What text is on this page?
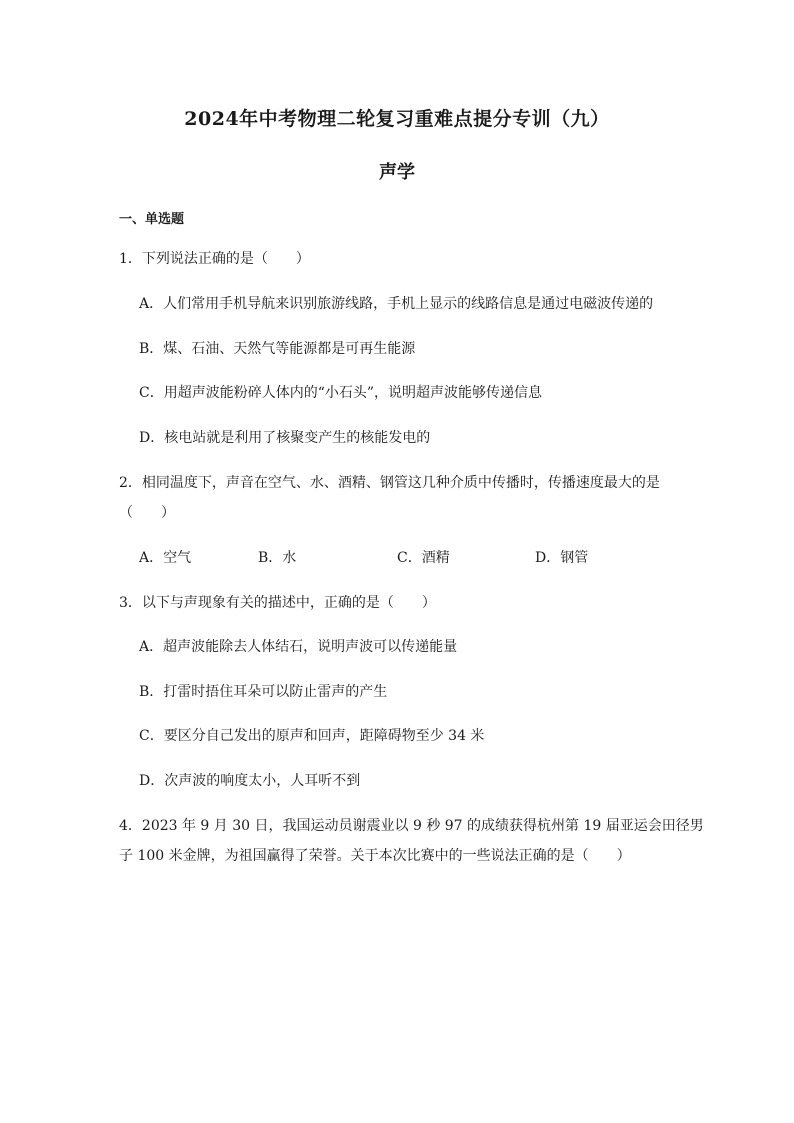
2024年中考物理二轮复习重难点提分专训（九）
声学
一、单选题
1．下列说法正确的是（　　）
A．人们常用手机导航来识别旅游线路，手机上显示的线路信息是通过电磁波传递的
B．煤、石油、天然气等能源都是可再生能源
C．用超声波能粉碎人体内的“小石头”，说明超声波能够传递信息
D．核电站就是利用了核聚变产生的核能发电的
2．相同温度下，声音在空气、水、酒精、钢管这几种介质中传播时，传播速度最大的是
（　　）
A．空气	B．水	C．酒精	D．钢管
3．以下与声现象有关的描述中，正确的是（　　）
A．超声波能除去人体结石，说明声波可以传递能量
B．打雷时捂住耳朵可以防止雷声的产生
C．要区分自己发出的原声和回声，距障碍物至少 34 米
D．次声波的响度太小，人耳听不到
4．2023 年 9 月 30 日，我国运动员谢震业以 9 秒 97 的成绩获得杭州第 19 届亚运会田径男
子 100 米金牌，为祖国赢得了荣誉。关于本次比赛中的一些说法正确的是（　　）
